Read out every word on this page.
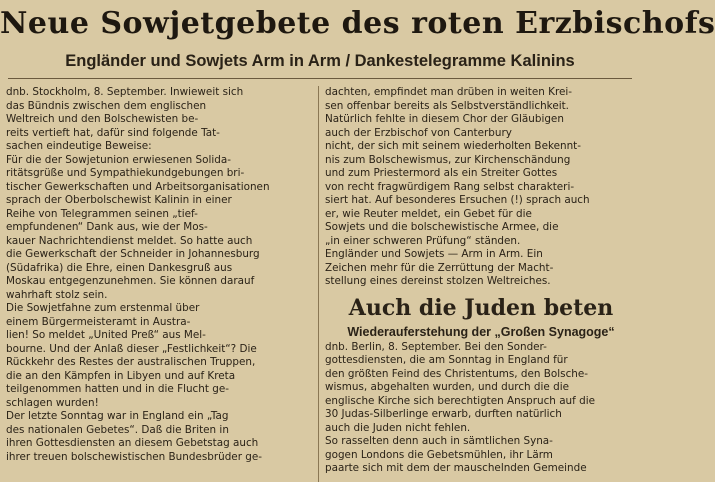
Neue Sowjetgebete des roten Erzbischofs
Engländer und Sowjets Arm in Arm / Dankestelegramme Kalinins
dnb. Stockholm, 8. September. Inwieweit sich
das Bündnis zwischen dem englischen
Weltreich und den Bolschewisten be-
reits vertieft hat, dafür sind folgende Tat-
sachen eindeutige Beweise:
Für die der Sowjetunion erwiesenen Solida-
ritätsgrüße und Sympathiekundgebungen bri-
tischer Gewerkschaften und Arbeitsorganisationen
sprach der Oberbolschewist Kalinin in einer
Reihe von Telegrammen seinen „tief-
empfundenen“ Dank aus, wie der Mos-
kauer Nachrichtendienst meldet. So hatte auch
die Gewerkschaft der Schneider in Johannesburg
(Südafrika) die Ehre, einen Dankesgruß aus
Moskau entgegenzunehmen. Sie können darauf
wahrhaft stolz sein.
Die Sowjetfahne zum erstenmal über
einem Bürgermeisteramt in Austra-
lien! So meldet „United Preß“ aus Mel-
bourne. Und der Anlaß dieser „Festlichkeit“? Die
Rückkehr des Restes der australischen Truppen,
die an den Kämpfen in Libyen und auf Kreta
teilgenommen hatten und in die Flucht ge-
schlagen wurden!
Der letzte Sonntag war in England ein „Tag
des nationalen Gebetes“. Daß die Briten in
ihren Gottesdiensten an diesem Gebetstag auch
ihrer treuen bolschewistischen Bundesbrüder ge-
dachten, empfindet man drüben in weiten Krei-
sen offenbar bereits als Selbstverständlichkeit.
Natürlich fehlte in diesem Chor der Gläubigen
auch der Erzbischof von Canterbury
nicht, der sich mit seinem wiederholten Bekennt-
nis zum Bolschewismus, zur Kirchenschändung
und zum Priestermord als ein Streiter Gottes
von recht fragwürdigem Rang selbst charakteri-
siert hat. Auf besonderes Ersuchen (!) sprach auch
er, wie Reuter meldet, ein Gebet für die
Sowjets und die bolschewistische Armee, die
„in einer schweren Prüfung“ ständen.
Engländer und Sowjets — Arm in Arm. Ein
Zeichen mehr für die Zerrüttung der Macht-
stellung eines dereinst stolzen Weltreiches.
Auch die Juden beten
Wiederauferstehung der „Großen Synagoge“
dnb. Berlin, 8. September. Bei den Sonder-
gottesdiensten, die am Sonntag in England für
den größten Feind des Christentums, den Bolsche-
wismus, abgehalten wurden, und durch die die
englische Kirche sich berechtigten Anspruch auf die
30 Judas-Silberlinge erwarb, durften natürlich
auch die Juden nicht fehlen.
So rasselten denn auch in sämtlichen Syna-
gogen Londons die Gebetsmühlen, ihr Lärm
paarte sich mit dem der mauschelnden Gemeinde
